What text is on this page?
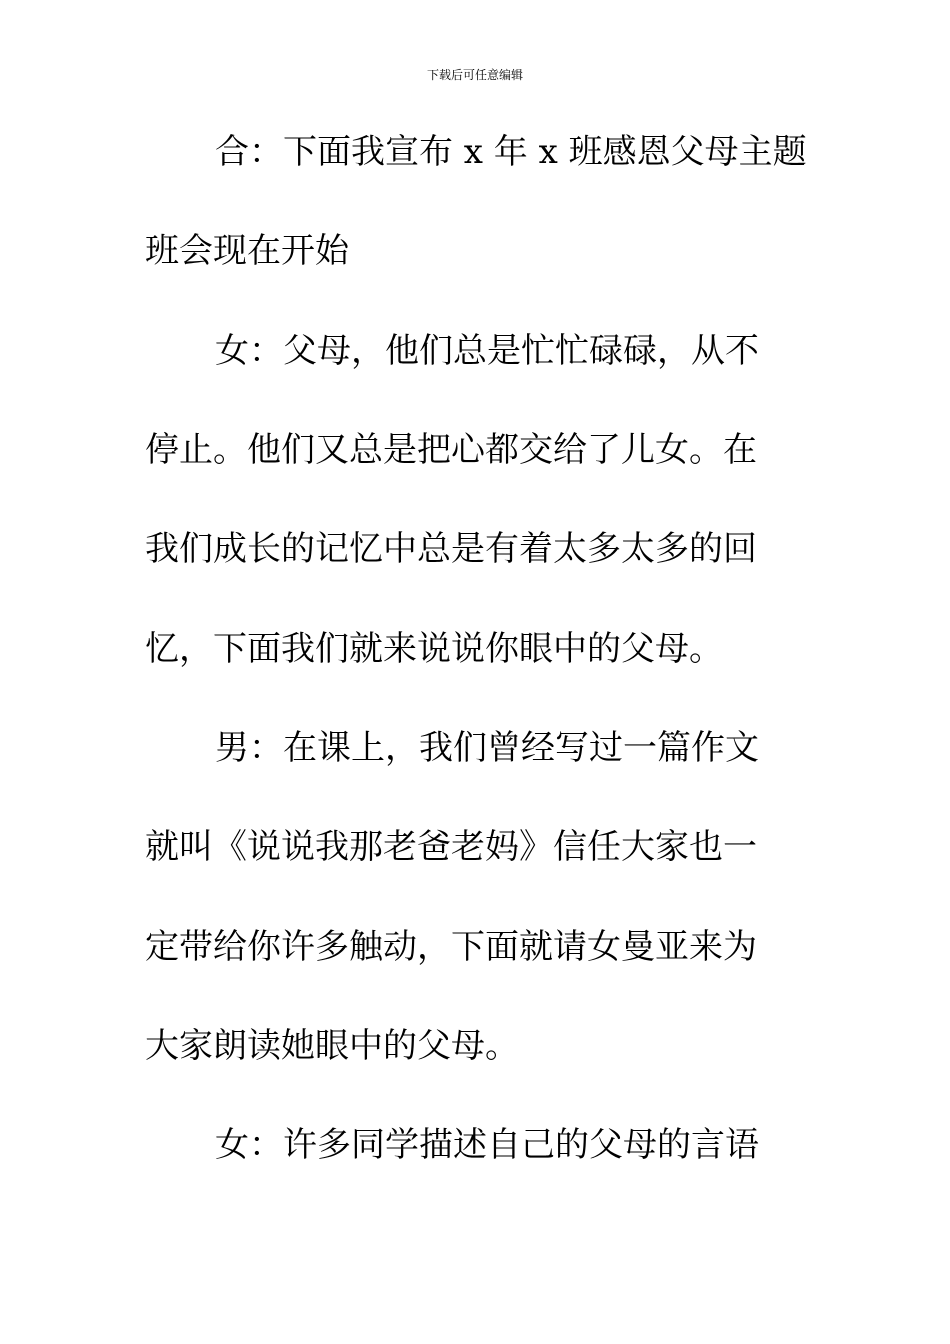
下载后可任意编辑
合：下面我宣布 x 年 x 班感恩父母主题
班会现在开始
女：父母，他们总是忙忙碌碌，从不
停止。他们又总是把心都交给了儿女。在
我们成长的记忆中总是有着太多太多的回
忆，下面我们就来说说你眼中的父母。
男：在课上，我们曾经写过一篇作文
就叫《说说我那老爸老妈》信任大家也一
定带给你许多触动，下面就请女曼亚来为
大家朗读她眼中的父母。
女：许多同学描述自己的父母的言语
